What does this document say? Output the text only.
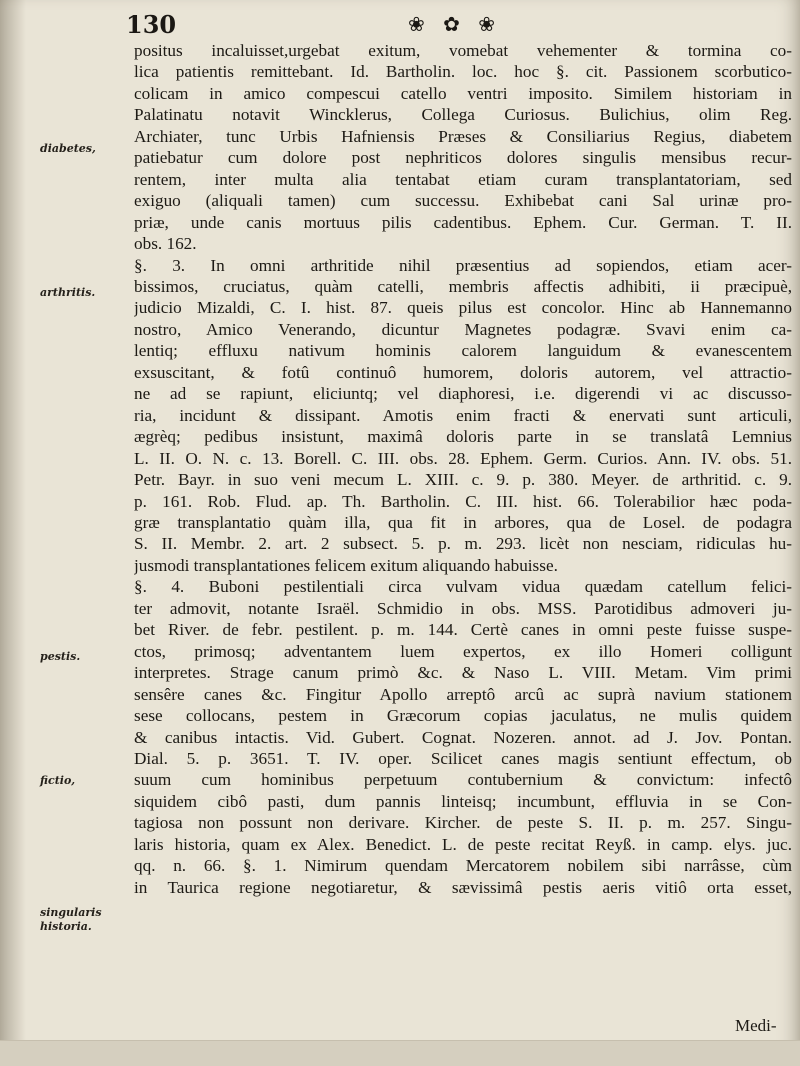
130	❀ ✿ ❀
diabetes,
arthritis.
pestis.
fictio,
singularis
historia.
positus incaluisset,urgebat exitum, vomebat vehementer & tormina co-
lica patientis remittebant. Id. Bartholin. loc. hoc §. cit. Passionem scorbutico-
colicam in amico compescui catello ventri imposito. Similem historiam in
Palatinatu notavit Wincklerus, Collega Curiosus. Bulichius, olim Reg.
Archiater, tunc Urbis Hafniensis Præses & Consiliarius Regius, diabetem
patiebatur cum dolore post nephriticos dolores singulis mensibus recur-
rentem, inter multa alia tentabat etiam curam transplantatoriam, sed
exiguo (aliquali tamen) cum successu. Exhibebat cani Sal urinæ pro-
priæ, unde canis mortuus pilis cadentibus. Ephem. Cur. German. T. II.
obs. 162.
§. 3. In omni arthritide nihil præsentius ad sopiendos, etiam acer-
bissimos, cruciatus, quàm catelli, membris affectis adhibiti, ii præcipuè,
judicio Mizaldi, C. I. hist. 87. queis pilus est concolor. Hinc ab Hannemanno
nostro, Amico Venerando, dicuntur Magnetes podagræ. Svavi enim ca-
lentiq; effluxu nativum hominis calorem languidum & evanescentem
exsuscitant, & fotû continuô humorem, doloris autorem, vel attractio-
ne ad se rapiunt, eliciuntq; vel diaphoresi, i.e. digerendi vi ac discusso-
ria, incidunt & dissipant. Amotis enim fracti & enervati sunt articuli,
ægrèq; pedibus insistunt, maximâ doloris parte in se translatâ Lemnius
L. II. O. N. c. 13. Borell. C. III. obs. 28. Ephem. Germ. Curios. Ann. IV. obs. 51.
Petr. Bayr. in suo veni mecum L. XIII. c. 9. p. 380. Meyer. de arthritid. c. 9.
p. 161. Rob. Flud. ap. Th. Bartholin. C. III. hist. 66. Tolerabilior hæc poda-
græ transplantatio quàm illa, qua fit in arbores, qua de Losel. de podagra
S. II. Membr. 2. art. 2 subsect. 5. p. m. 293. licèt non nesciam, ridiculas hu-
jusmodi transplantationes felicem exitum aliquando habuisse.
§. 4. Buboni pestilentiali circa vulvam vidua quædam catellum felici-
ter admovit, notante Israël. Schmidio in obs. MSS. Parotidibus admoveri ju-
bet River. de febr. pestilent. p. m. 144. Certè canes in omni peste fuisse suspe-
ctos, primosq; adventantem luem expertos, ex illo Homeri colligunt
interpretes. Strage canum primò &c. & Naso L. VIII. Metam. Vim primi
sensêre canes &c. Fingitur Apollo arreptô arcû ac suprà navium stationem
sese collocans, pestem in Græcorum copias jaculatus, ne mulis quidem
& canibus intactis. Vid. Gubert. Cognat. Nozeren. annot. ad J. Jov. Pontan.
Dial. 5. p. 3651. T. IV. oper. Scilicet canes magis sentiunt effectum, ob
suum cum hominibus perpetuum contubernium & convictum: infectô
siquidem cibô pasti, dum pannis linteisq; incumbunt, effluvia in se Con-
tagiosa non possunt non derivare. Kircher. de peste S. II. p. m. 257. Singu-
laris historia, quam ex Alex. Benedict. L. de peste recitat Reyß. in camp. elys. juc.
qq. n. 66. §. 1. Nimirum quendam Mercatorem nobilem sibi narrâsse, cùm
in Taurica regione negotiaretur, & sævissimâ pestis aeris vitiô orta esset,
Medi-
